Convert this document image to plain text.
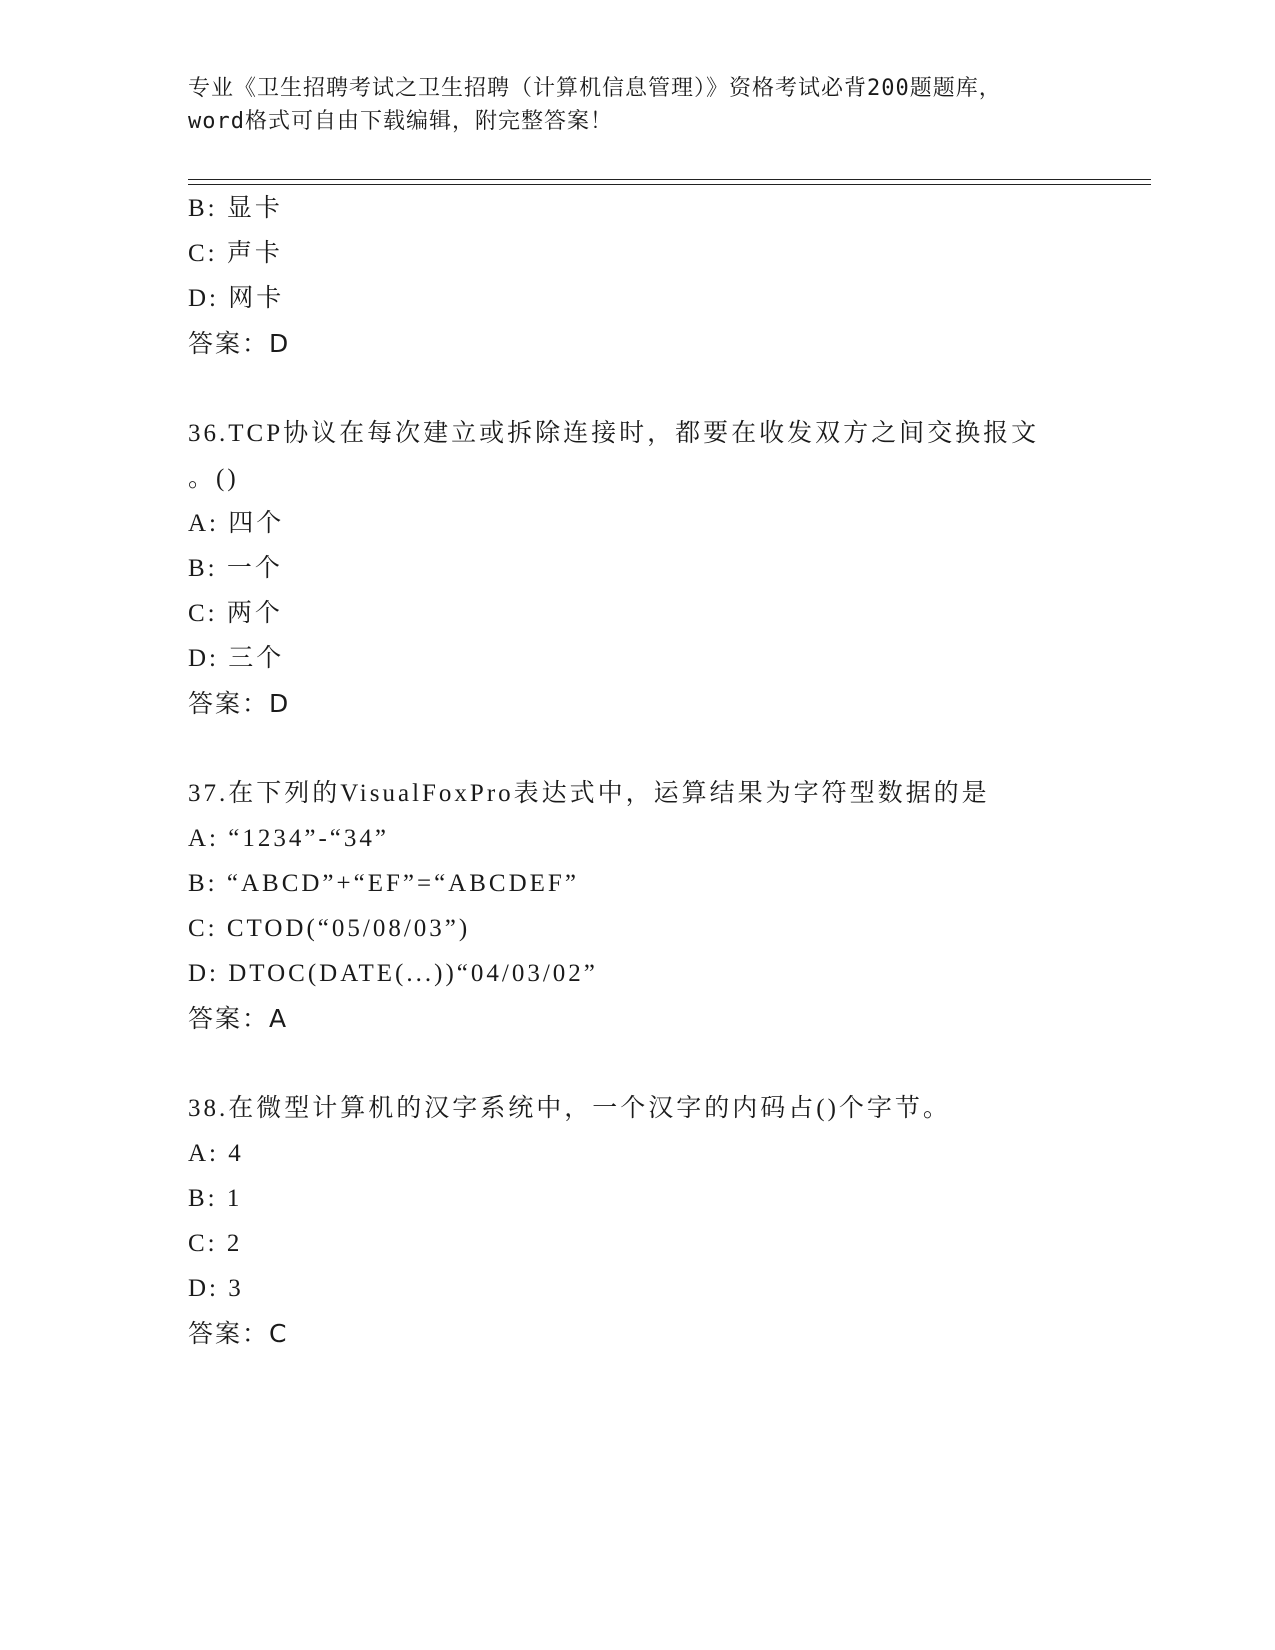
专业《卫生招聘考试之卫生招聘（计算机信息管理）》资格考试必背200题题库，
word格式可自由下载编辑，附完整答案！
B: 显卡
C: 声卡
D: 网卡
答案：D
36.TCP协议在每次建立或拆除连接时，都要在收发双方之间交换报文
。()
A: 四个
B: 一个
C: 两个
D: 三个
答案：D
37.在下列的VisualFoxPro表达式中，运算结果为字符型数据的是
A: “1234”-“34”
B: “ABCD”+“EF”=“ABCDEF”
C: CTOD(“05/08/03”)
D: DTOC(DATE(...))“04/03/02”
答案：A
38.在微型计算机的汉字系统中，一个汉字的内码占()个字节。
A: 4
B: 1
C: 2
D: 3
答案：C
